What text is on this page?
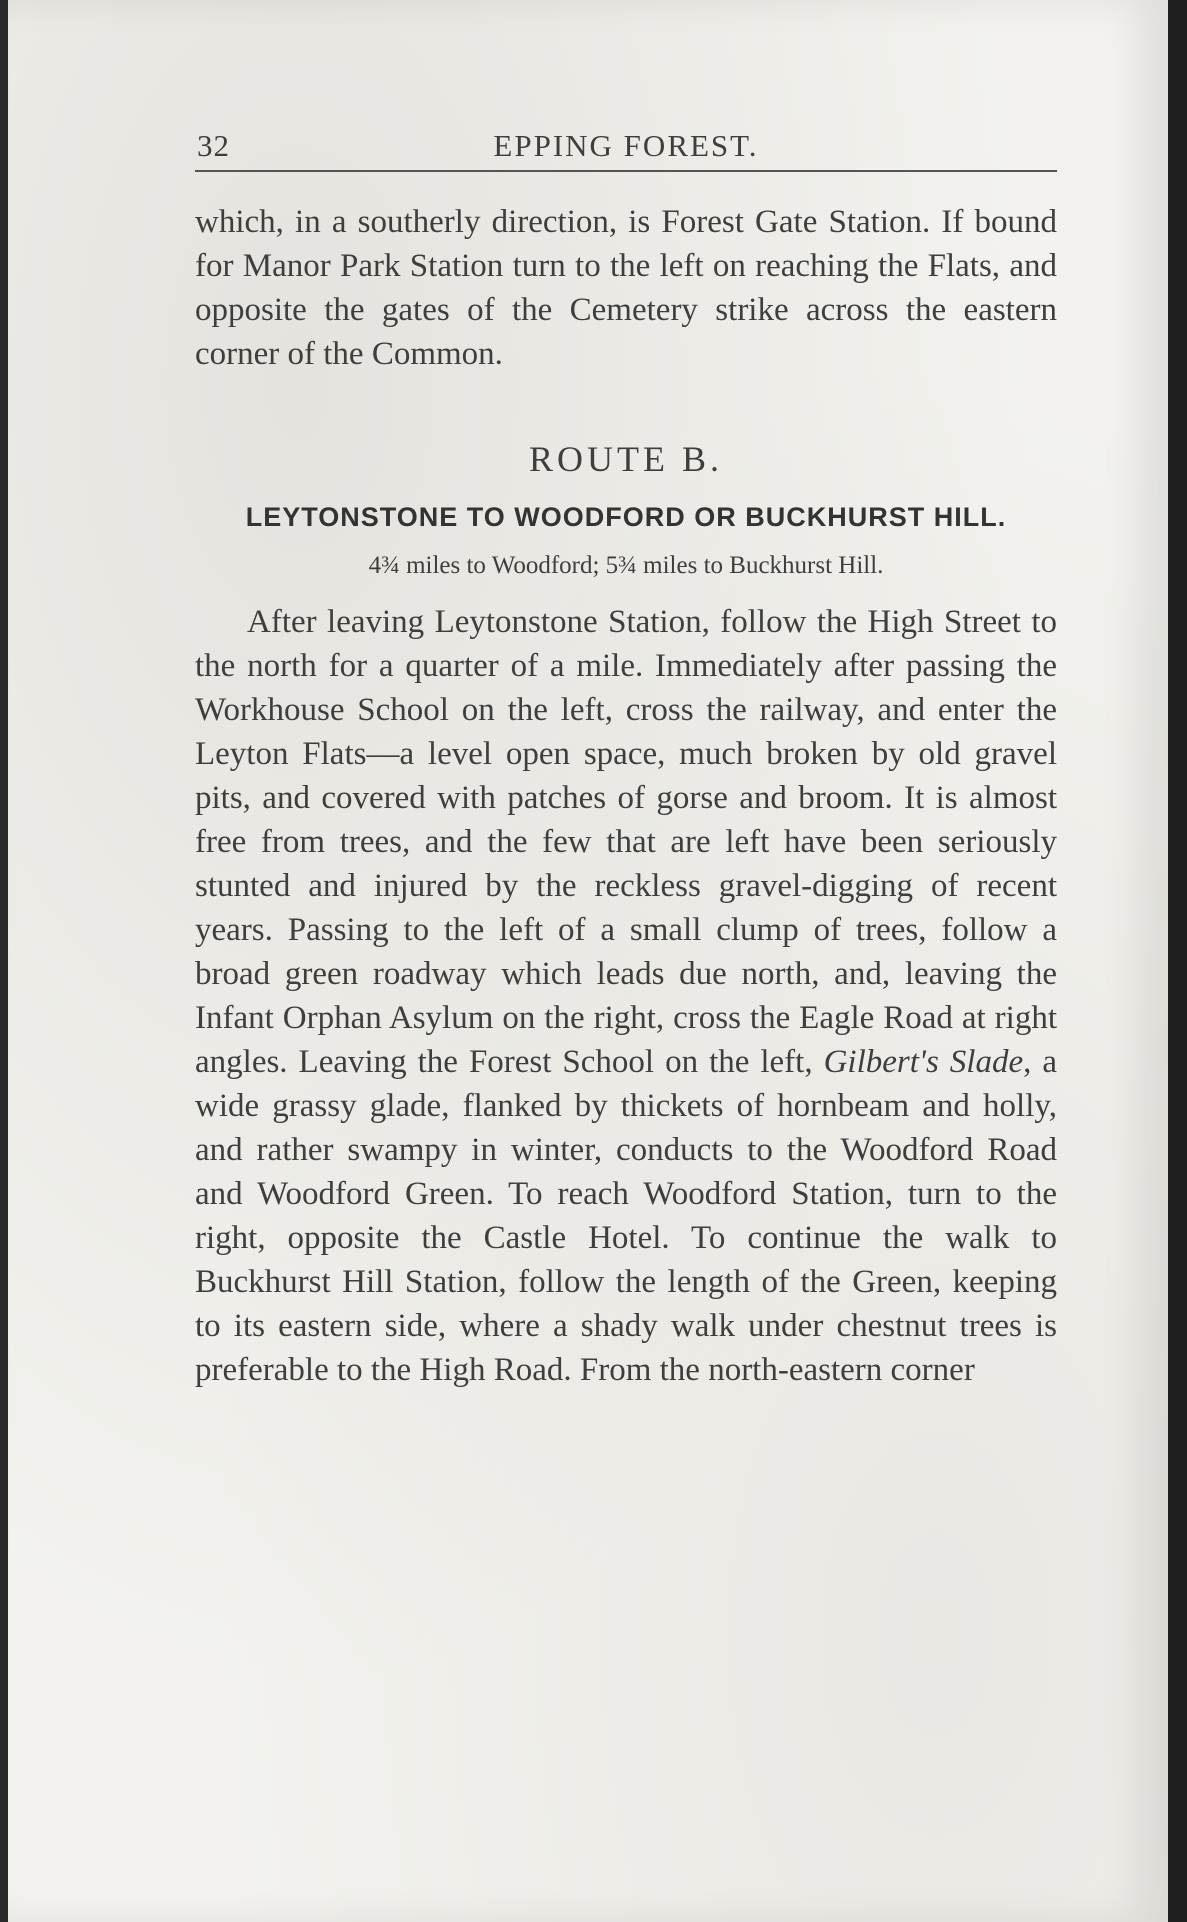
32	EPPING FOREST.

which, in a southerly direction, is Forest Gate Station. If bound for Manor Park Station turn to the left on reaching the Flats, and opposite the gates of the Cemetery strike across the eastern corner of the Common.

ROUTE B.
LEYTONSTONE TO WOODFORD OR BUCKHURST HILL.
4¾ miles to Woodford; 5¾ miles to Buckhurst Hill.

After leaving Leytonstone Station, follow the High Street to the north for a quarter of a mile. Immediately after passing the Workhouse School on the left, cross the railway, and enter the Leyton Flats—a level open space, much broken by old gravel pits, and covered with patches of gorse and broom. It is almost free from trees, and the few that are left have been seriously stunted and injured by the reckless gravel-digging of recent years. Passing to the left of a small clump of trees, follow a broad green roadway which leads due north, and, leaving the Infant Orphan Asylum on the right, cross the Eagle Road at right angles. Leaving the Forest School on the left, Gilbert's Slade, a wide grassy glade, flanked by thickets of hornbeam and holly, and rather swampy in winter, conducts to the Woodford Road and Woodford Green. To reach Woodford Station, turn to the right, opposite the Castle Hotel. To continue the walk to Buckhurst Hill Station, follow the length of the Green, keeping to its eastern side, where a shady walk under chestnut trees is preferable to the High Road. From the north-eastern corner
